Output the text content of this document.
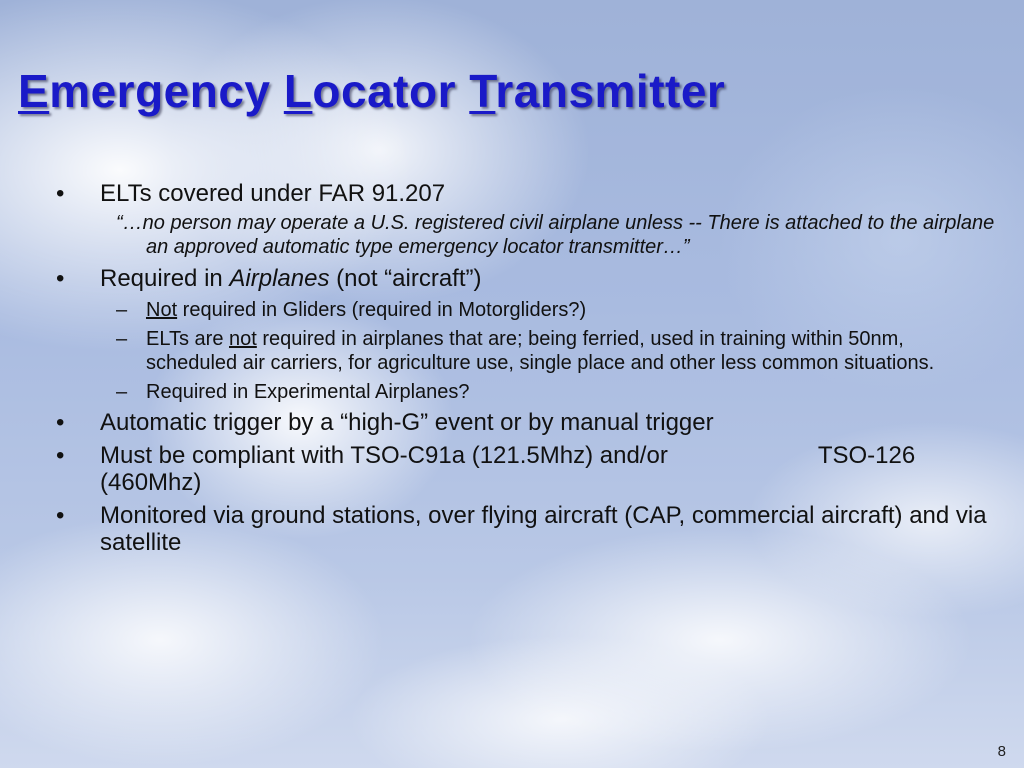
Emergency Locator Transmitter
• ELTs covered under FAR 91.207
“…no person may operate a U.S. registered civil airplane unless -- There is attached to the airplane an approved automatic type emergency locator transmitter…”
• Required in Airplanes (not “aircraft”)
– Not required in Gliders (required in Motorgliders?)
– ELTs are not required in airplanes that are; being ferried, used in training within 50nm, scheduled air carriers, for agriculture use, single place and other less common situations.
– Required in Experimental Airplanes?
• Automatic trigger by a “high-G” event or by manual trigger
• Must be compliant with TSO-C91a (121.5Mhz) and/or	TSO-126 (460Mhz)
• Monitored via ground stations, over flying aircraft (CAP, commercial aircraft) and via satellite
8
